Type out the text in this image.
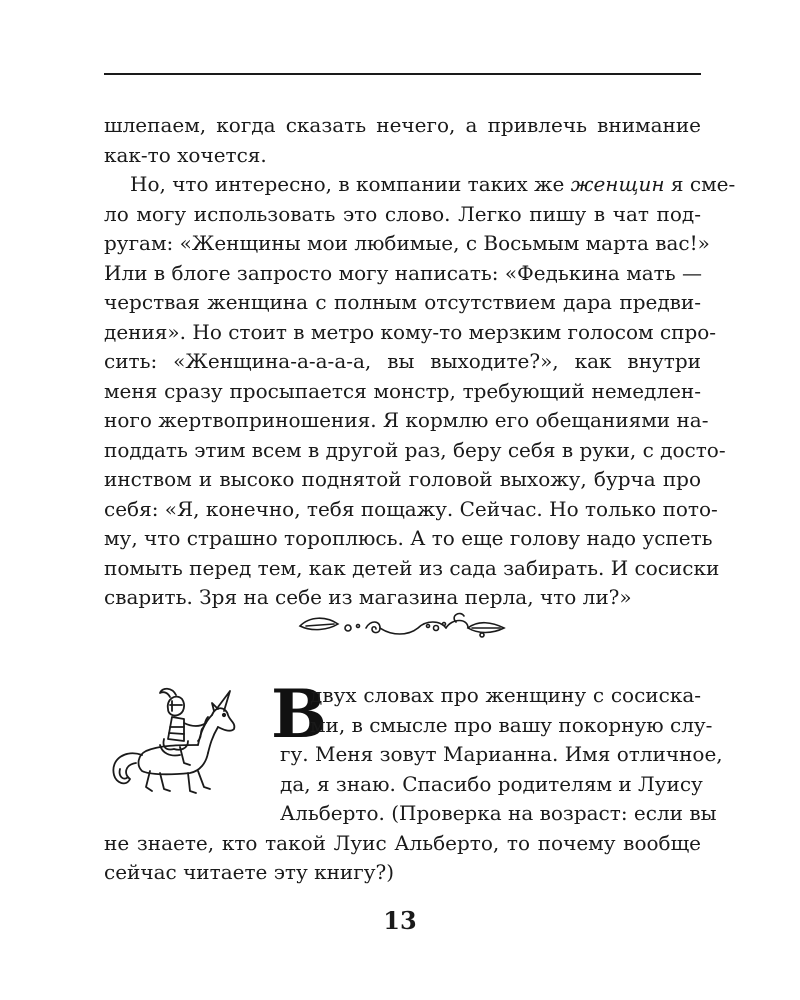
шлепаем, когда сказать нечего, а привлечь внимание
как-то хочется.
Но, что интересно, в компании таких же женщин я сме-
ло могу использовать это слово. Легко пишу в чат под-
ругам: «Женщины мои любимые, с Восьмым марта вас!»
Или в блоге запросто могу написать: «Федькина мать —
черствая женщина с полным отсутствием дара предви-
дения». Но стоит в метро кому-то мерзким голосом спро-
сить: «Женщина-а-а-а-а, вы выходите?», как внутри
меня сразу просыпается монстр, требующий немедлен-
ного жертвоприношения. Я кормлю его обещаниями на-
поддать этим всем в другой раз, беру себя в руки, с досто-
инством и высоко поднятой головой выхожу, бурча про
себя: «Я, конечно, тебя пощажу. Сейчас. Но только пото-
му, что страшно тороплюсь. А то еще голову надо успеть
помыть перед тем, как детей из сада забирать. И сосиски
сварить. Зря на себе из магазина перла, что ли?»
В
двух словах про женщину с сосиска-
ми, в смысле про вашу покорную слу-
гу. Меня зовут Марианна. Имя отличное,
да, я знаю. Спасибо родителям и Луису
Альберто. (Проверка на возраст: если вы
не знаете, кто такой Луис Альберто, то почему вообще
сейчас читаете эту книгу?)
13
